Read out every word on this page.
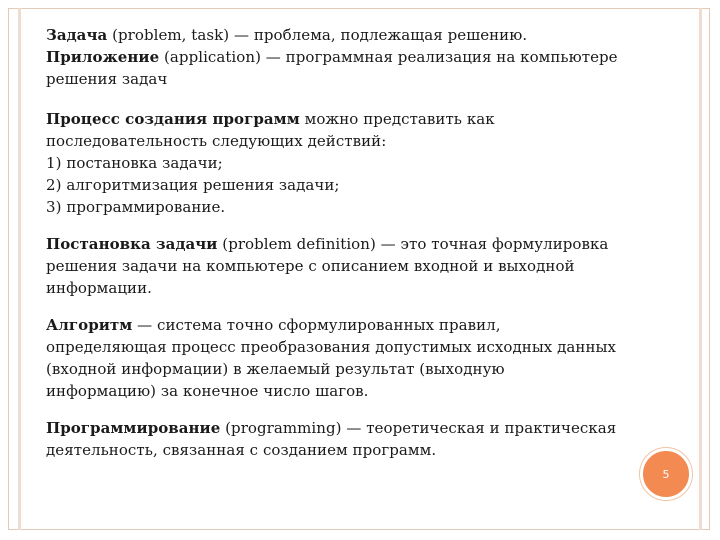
Задача (problem, task) — проблема, подлежащая решению.

Приложение (application) — программная реализация на компьютере
решения задач

Процесс создания программ можно представить как
последовательность следующих действий:
1) постановка задачи;
2) алгоритмизация решения задачи;
3) программирование.

Постановка задачи (problem definition) — это точная формулировка
решения задачи на компьютере с описанием входной и выходной
информации.

Алгоритм — система точно сформулированных правил,
определяющая процесс преобразования допустимых исходных данных
(входной информации) в желаемый результат (выходную
информацию) за конечное число шагов.

Программирование (programming) — теоретическая и практическая
деятельность, связанная с созданием программ.

5
